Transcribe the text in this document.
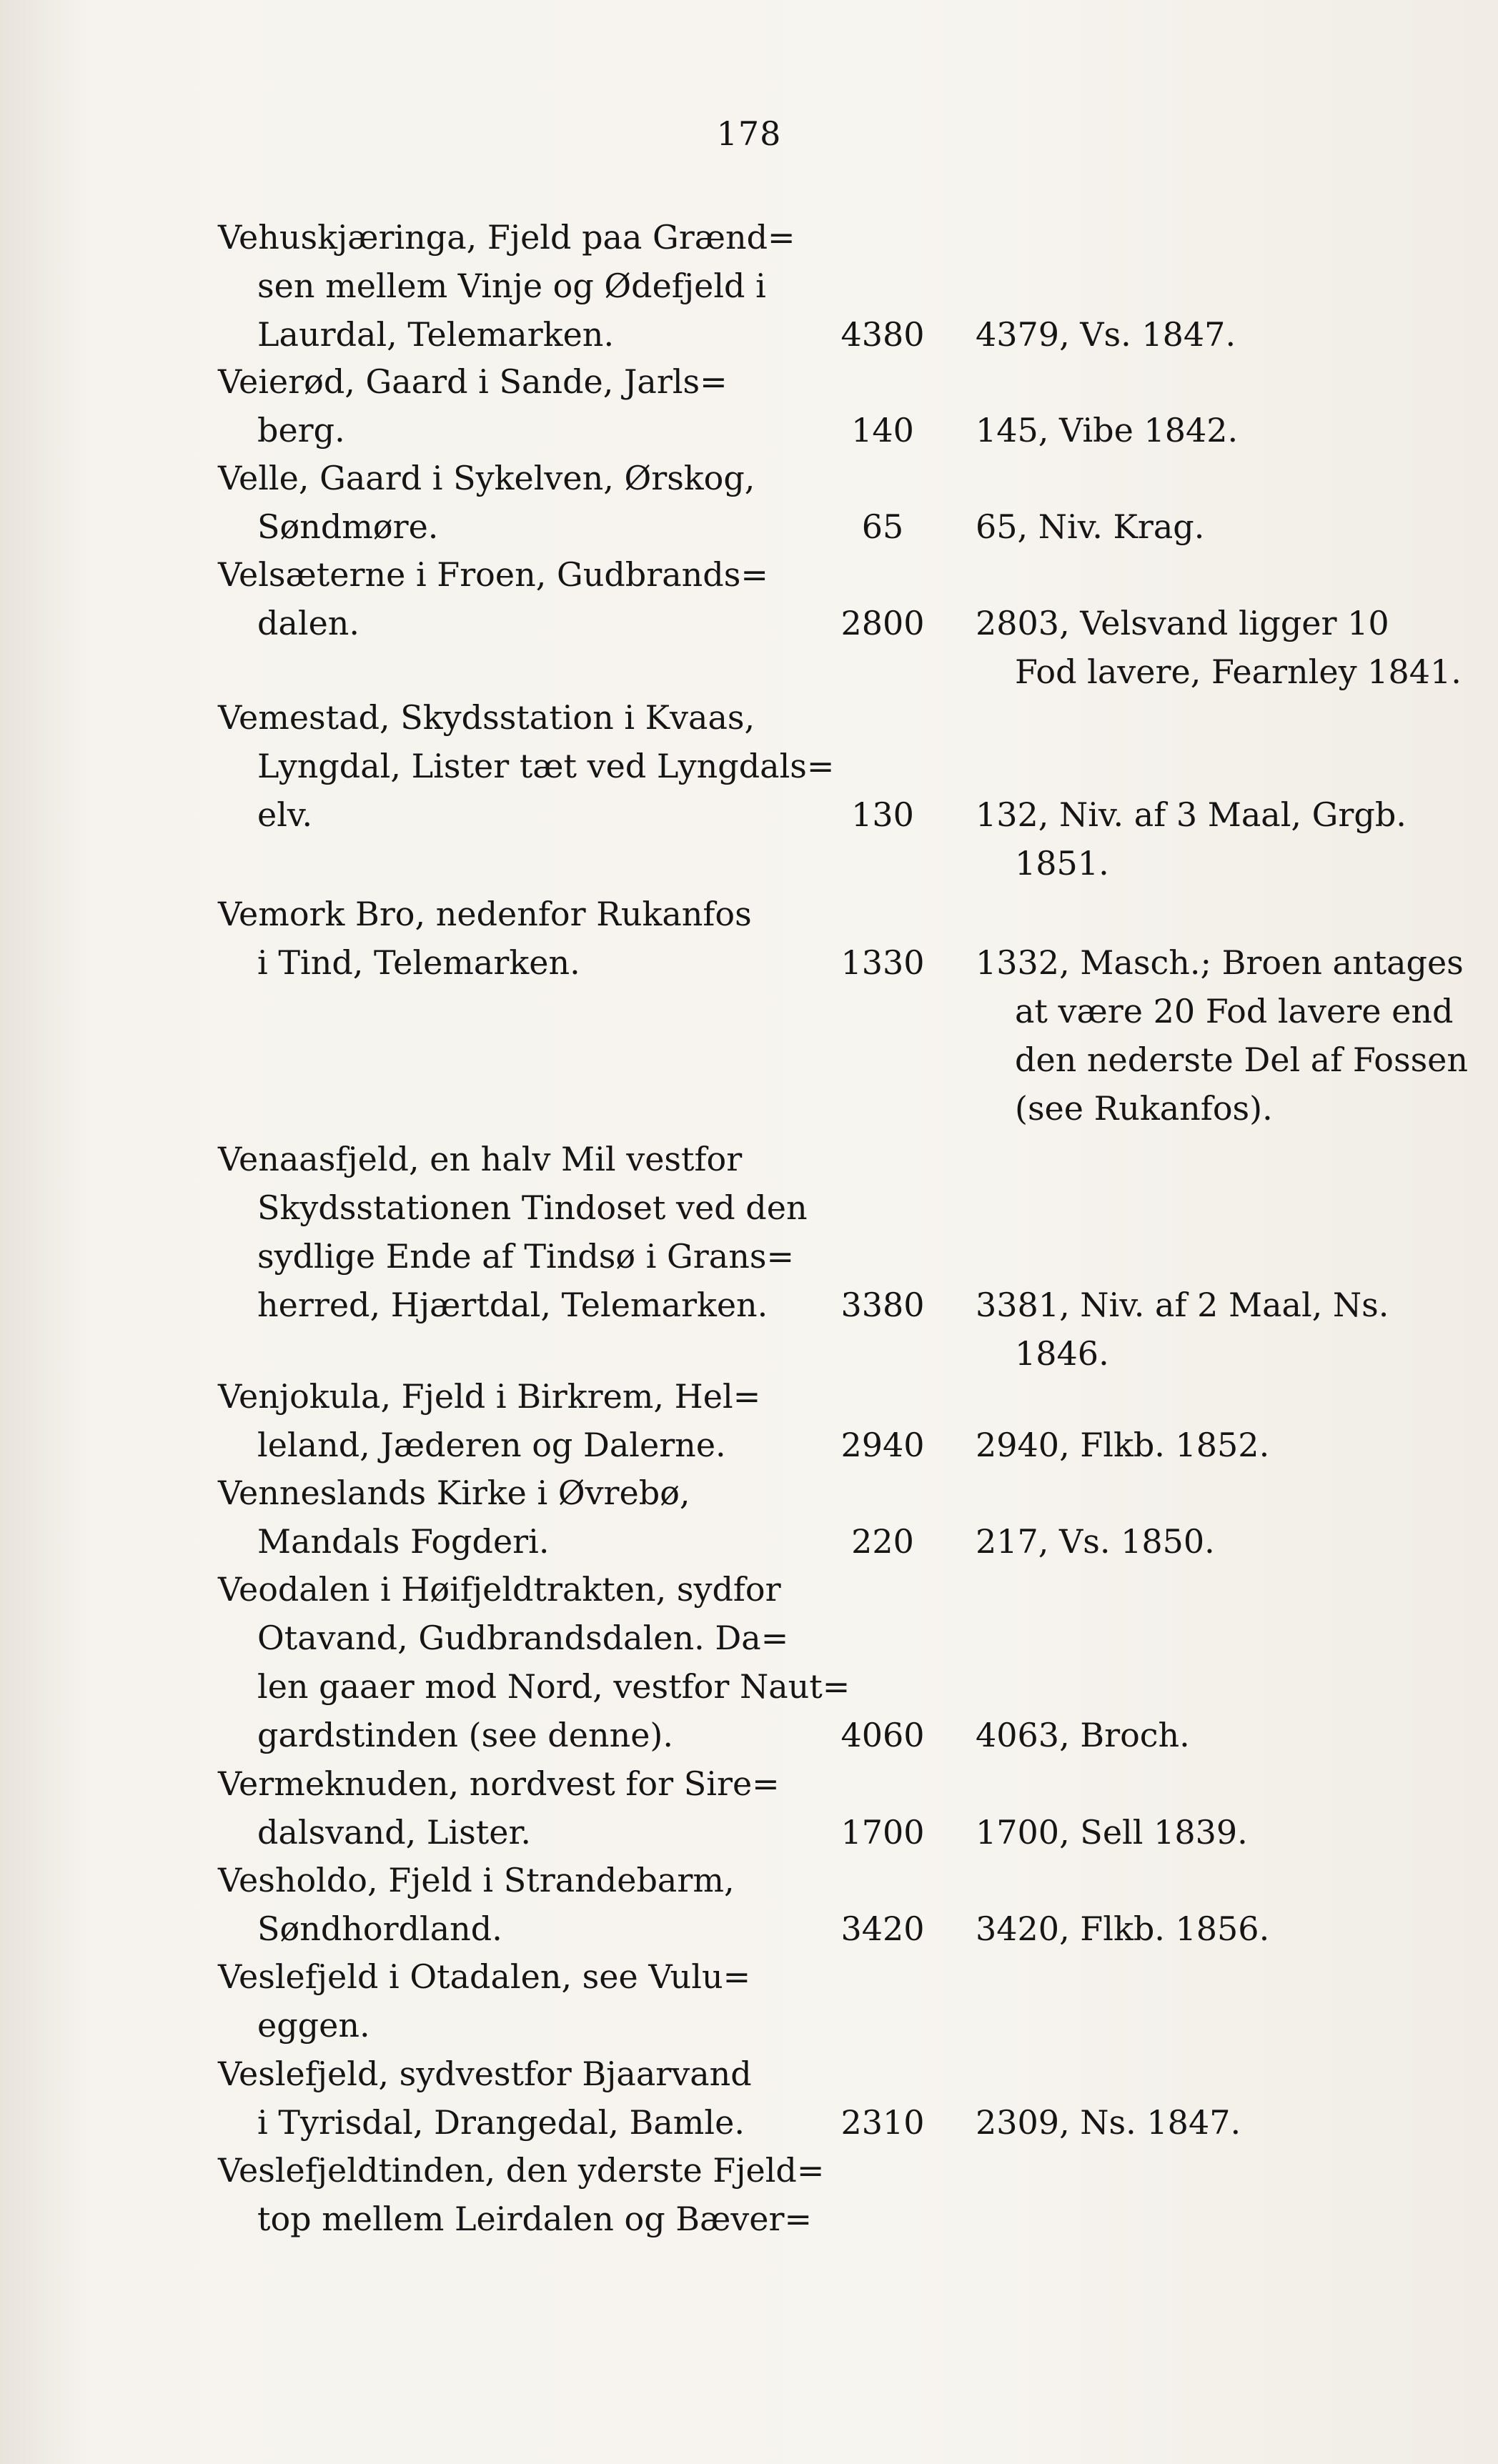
178
Vehuskjæringa, Fjeld paa Grænd=
sen mellem Vinje og Ødefjeld i
Laurdal, Telemarken.	4380	4379, Vs. 1847.
Veierød, Gaard i Sande, Jarls=
berg.	140	145, Vibe 1842.
Velle, Gaard i Sykelven, Ørskog,
Søndmøre.	65	65, Niv. Krag.
Velsæterne i Froen, Gudbrands=
dalen.	2800	2803, Velsvand ligger 10
Fod lavere, Fearnley 1841.
Vemestad, Skydsstation i Kvaas,
Lyngdal, Lister tæt ved Lyngdals=
elv.	130	132, Niv. af 3 Maal, Grgb.
1851.
Vemork Bro, nedenfor Rukanfos
i Tind, Telemarken.	1330	1332, Masch.; Broen antages
at være 20 Fod lavere end
den nederste Del af Fossen
(see Rukanfos).
Venaasfjeld, en halv Mil vestfor
Skydsstationen Tindoset ved den
sydlige Ende af Tindsø i Grans=
herred, Hjærtdal, Telemarken.	3380	3381, Niv. af 2 Maal, Ns.
1846.
Venjokula, Fjeld i Birkrem, Hel=
leland, Jæderen og Dalerne.	2940	2940, Flkb. 1852.
Venneslands Kirke i Øvrebø,
Mandals Fogderi.	220	217, Vs. 1850.
Veodalen i Høifjeldtrakten, sydfor
Otavand, Gudbrandsdalen. Da=
len gaaer mod Nord, vestfor Naut=
gardstinden (see denne).	4060	4063, Broch.
Vermeknuden, nordvest for Sire=
dalsvand, Lister.	1700	1700, Sell 1839.
Vesholdo, Fjeld i Strandebarm,
Søndhordland.	3420	3420, Flkb. 1856.
Veslefjeld i Otadalen, see Vulu=
eggen.
Veslefjeld, sydvestfor Bjaarvand
i Tyrisdal, Drangedal, Bamle.	2310	2309, Ns. 1847.
Veslefjeldtinden, den yderste Fjeld=
top mellem Leirdalen og Bæver=
